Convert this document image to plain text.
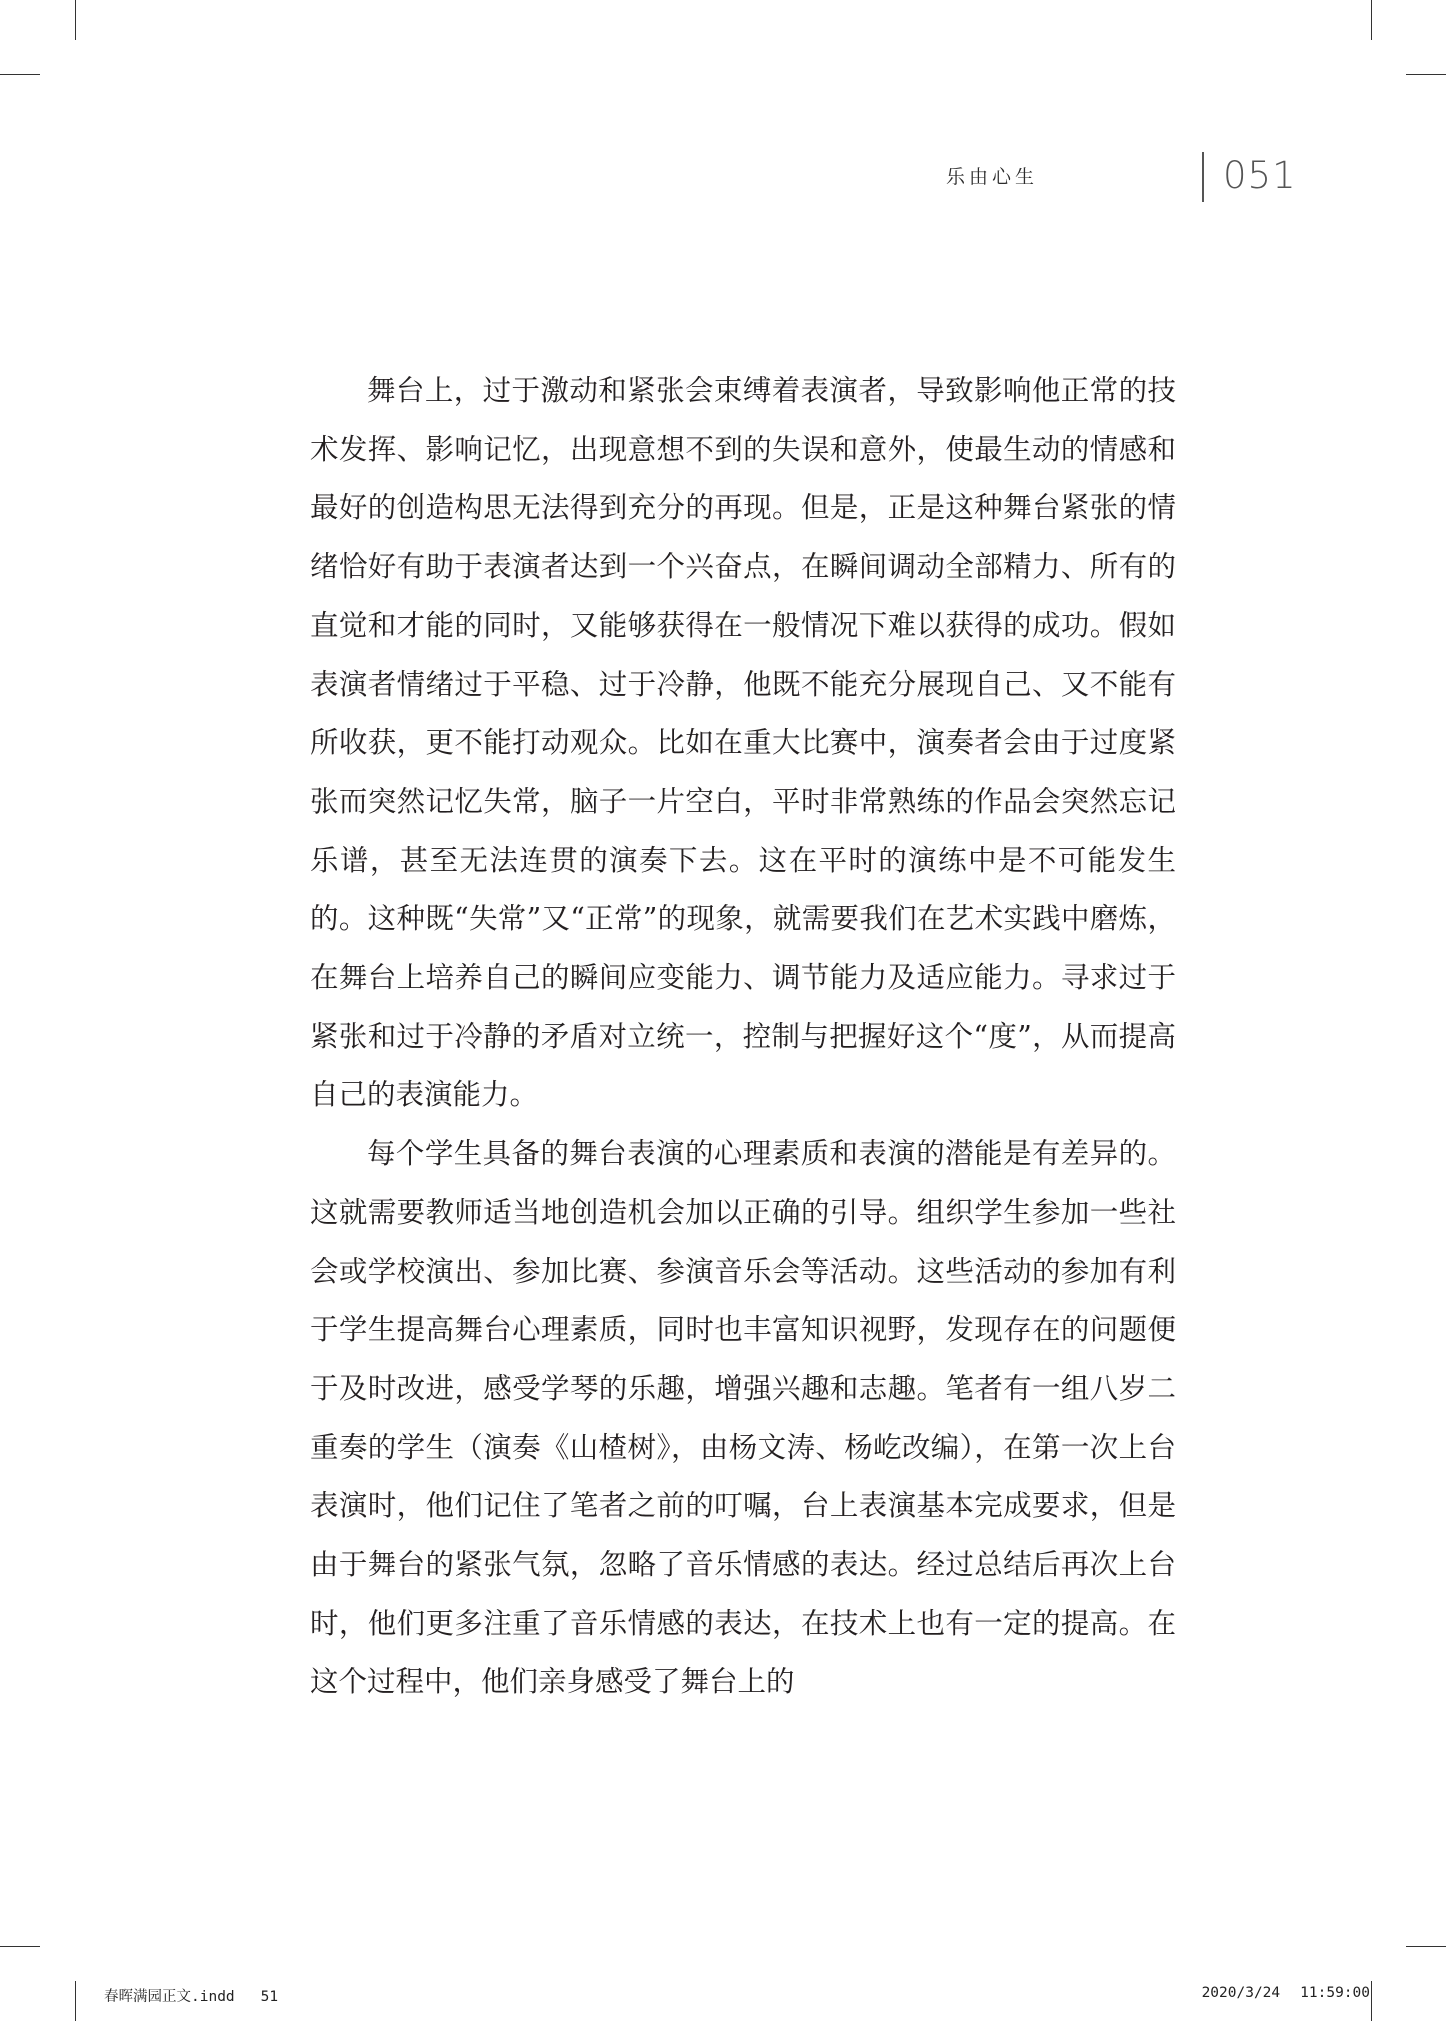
乐由心生	051

舞台上，过于激动和紧张会束缚着表演者，导致影响他正常的技术发挥、影响记忆，出现意想不到的失误和意外，使最生动的情感和最好的创造构思无法得到充分的再现。但是，正是这种舞台紧张的情绪恰好有助于表演者达到一个兴奋点，在瞬间调动全部精力、所有的直觉和才能的同时，又能够获得在一般情况下难以获得的成功。假如表演者情绪过于平稳、过于冷静，他既不能充分展现自己、又不能有所收获，更不能打动观众。比如在重大比赛中，演奏者会由于过度紧张而突然记忆失常，脑子一片空白，平时非常熟练的作品会突然忘记乐谱，甚至无法连贯的演奏下去。这在平时的演练中是不可能发生的。这种既“失常”又“正常”的现象，就需要我们在艺术实践中磨炼，在舞台上培养自己的瞬间应变能力、调节能力及适应能力。寻求过于紧张和过于冷静的矛盾对立统一，控制与把握好这个“度”，从而提高自己的表演能力。

每个学生具备的舞台表演的心理素质和表演的潜能是有差异的。这就需要教师适当地创造机会加以正确的引导。组织学生参加一些社会或学校演出、参加比赛、参演音乐会等活动。这些活动的参加有利于学生提高舞台心理素质，同时也丰富知识视野，发现存在的问题便于及时改进，感受学琴的乐趣，增强兴趣和志趣。笔者有一组八岁二重奏的学生（演奏《山楂树》，由杨文涛、杨屹改编），在第一次上台表演时，他们记住了笔者之前的叮嘱，台上表演基本完成要求，但是由于舞台的紧张气氛，忽略了音乐情感的表达。经过总结后再次上台时，他们更多注重了音乐情感的表达，在技术上也有一定的提高。在这个过程中，他们亲身感受了舞台上的

春晖满园正文.indd 51	2020/3/24 11:59:00
